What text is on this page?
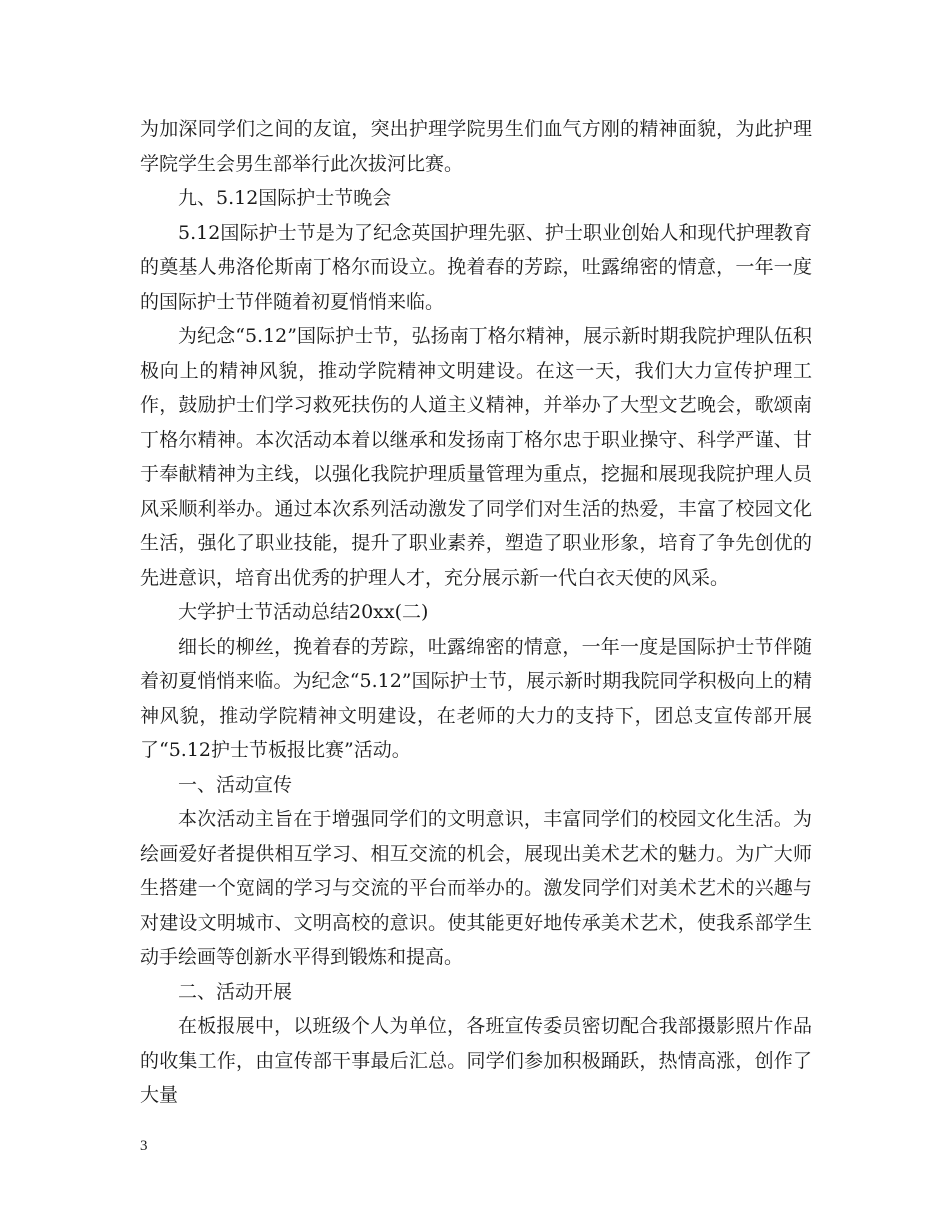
为加深同学们之间的友谊，突出护理学院男生们血气方刚的精神面貌，为此护理学院学生会男生部举行此次拔河比赛。

九、5.12国际护士节晚会

5.12国际护士节是为了纪念英国护理先驱、护士职业创始人和现代护理教育的奠基人弗洛伦斯南丁格尔而设立。挽着春的芳踪，吐露绵密的情意，一年一度的国际护士节伴随着初夏悄悄来临。

为纪念“5.12”国际护士节，弘扬南丁格尔精神，展示新时期我院护理队伍积极向上的精神风貌，推动学院精神文明建设。在这一天，我们大力宣传护理工作，鼓励护士们学习救死扶伤的人道主义精神，并举办了大型文艺晚会，歌颂南丁格尔精神。本次活动本着以继承和发扬南丁格尔忠于职业操守、科学严谨、甘于奉献精神为主线，以强化我院护理质量管理为重点，挖掘和展现我院护理人员风采顺利举办。通过本次系列活动激发了同学们对生活的热爱，丰富了校园文化生活，强化了职业技能，提升了职业素养，塑造了职业形象，培育了争先创优的先进意识，培育出优秀的护理人才，充分展示新一代白衣天使的风采。

大学护士节活动总结20xx(二)

细长的柳丝，挽着春的芳踪，吐露绵密的情意，一年一度是国际护士节伴随着初夏悄悄来临。为纪念“5.12”国际护士节，展示新时期我院同学积极向上的精神风貌，推动学院精神文明建设，在老师的大力的支持下，团总支宣传部开展了“5.12护士节板报比赛”活动。

一、活动宣传

本次活动主旨在于增强同学们的文明意识，丰富同学们的校园文化生活。为绘画爱好者提供相互学习、相互交流的机会，展现出美术艺术的魅力。为广大师生搭建一个宽阔的学习与交流的平台而举办的。激发同学们对美术艺术的兴趣与对建设文明城市、文明高校的意识。使其能更好地传承美术艺术，使我系部学生动手绘画等创新水平得到锻炼和提高。

二、活动开展

在板报展中，以班级个人为单位，各班宣传委员密切配合我部摄影照片作品的收集工作，由宣传部干事最后汇总。同学们参加积极踊跃，热情高涨，创作了大量

3
